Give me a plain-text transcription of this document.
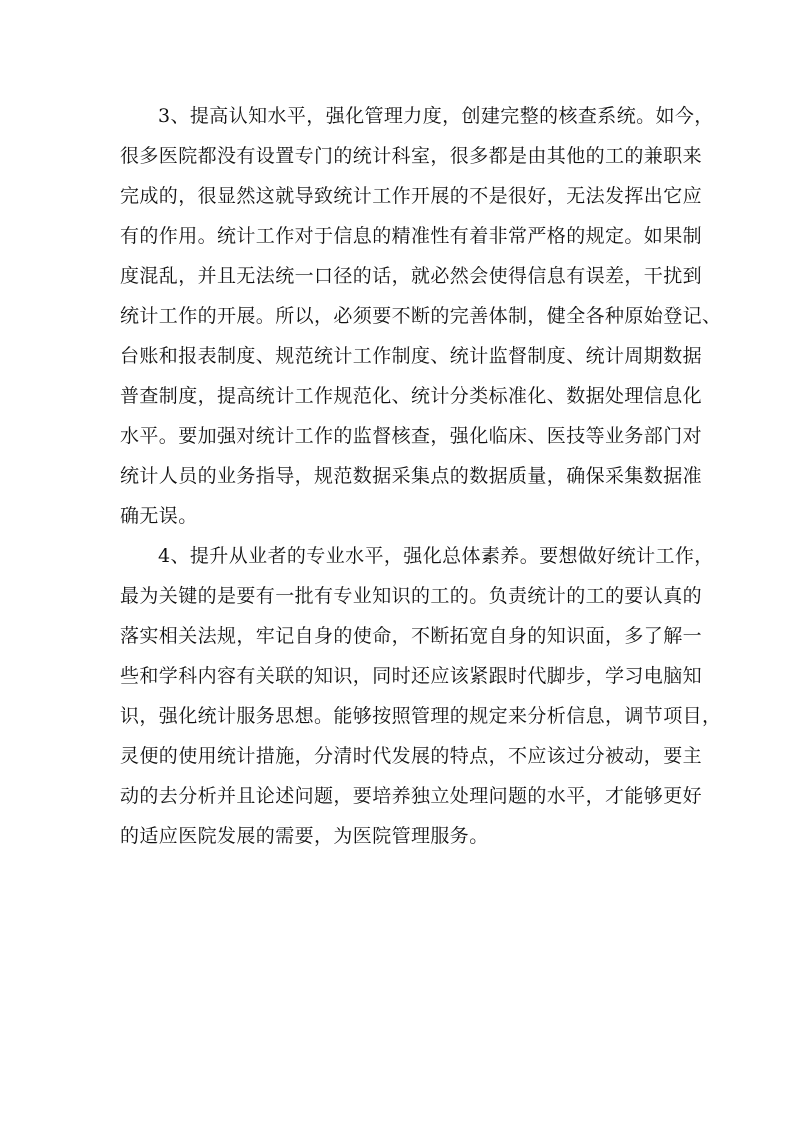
3、提高认知水平，强化管理力度，创建完整的核查系统。如今，
很多医院都没有设置专门的统计科室，很多都是由其他的工的兼职来
完成的，很显然这就导致统计工作开展的不是很好，无法发挥出它应
有的作用。统计工作对于信息的精准性有着非常严格的规定。如果制
度混乱，并且无法统一口径的话，就必然会使得信息有误差，干扰到
统计工作的开展。所以，必须要不断的完善体制，健全各种原始登记、
台账和报表制度、规范统计工作制度、统计监督制度、统计周期数据
普查制度，提高统计工作规范化、统计分类标准化、数据处理信息化
水平。要加强对统计工作的监督核查，强化临床、医技等业务部门对
统计人员的业务指导，规范数据采集点的数据质量，确保采集数据准
确无误。
4、提升从业者的专业水平，强化总体素养。要想做好统计工作，
最为关键的是要有一批有专业知识的工的。负责统计的工的要认真的
落实相关法规，牢记自身的使命，不断拓宽自身的知识面，多了解一
些和学科内容有关联的知识，同时还应该紧跟时代脚步，学习电脑知
识，强化统计服务思想。能够按照管理的规定来分析信息，调节项目，
灵便的使用统计措施，分清时代发展的特点，不应该过分被动，要主
动的去分析并且论述问题，要培养独立处理问题的水平，才能够更好
的适应医院发展的需要，为医院管理服务。
